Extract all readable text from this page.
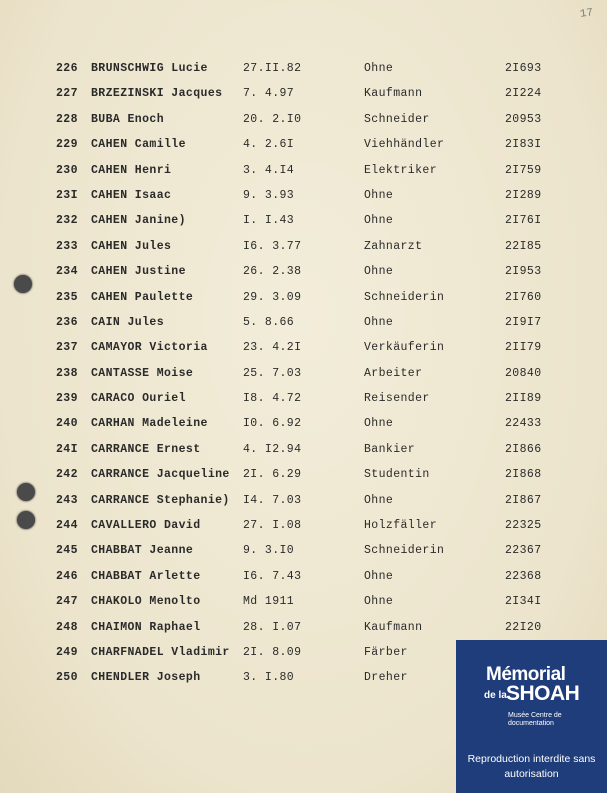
17
226	BRUNSCHWIG Lucie	27.II.82	Ohne	2I693
227	BRZEZINSKI Jacques	7. 4.97	Kaufmann	2I224
228	BUBA Enoch	20. 2.I0	Schneider	20953
229	CAHEN Camille	4. 2.6I	Viehhändler	2I83I
230	CAHEN Henri	3. 4.I4	Elektriker	2I759
23I	CAHEN Isaac	9. 3.93	Ohne	2I289
232	CAHEN Janine)	I. I.43	Ohne	2I76I
233	CAHEN Jules	I6. 3.77	Zahnarzt	22I85
234	CAHEN Justine	26. 2.38	Ohne	2I953
235	CAHEN Paulette	29. 3.09	Schneiderin	2I760
236	CAIN Jules	5. 8.66	Ohne	2I9I7
237	CAMAYOR Victoria	23. 4.2I	Verkäuferin	2II79
238	CANTASSE Moise	25. 7.03	Arbeiter	20840
239	CARACO Ouriel	I8. 4.72	Reisender	2II89
240	CARHAN Madeleine	I0. 6.92	Ohne	22433
24I	CARRANCE Ernest	4. I2.94	Bankier	2I866
242	CARRANCE Jacqueline	2I. 6.29	Studentin	2I868
243	CARRANCE Stephanie)	I4. 7.03	Ohne	2I867
244	CAVALLERO David	27. I.08	Holzfäller	22325
245	CHABBAT Jeanne	9. 3.I0	Schneiderin	22367
246	CHABBAT Arlette	I6. 7.43	Ohne	22368
247	CHAKOLO Menolto	Md 1911	Ohne	2I34I
248	CHAIMON Raphael	28. I.07	Kaufmann	22I20
249	CHARFNADEL Vladimir	2I. 8.09	Färber
250	CHENDLER Joseph	3. I.80	Dreher	Mémorial
de la SHOAH
Musée Centre de documentation
Reproduction interdite sans autorisation
